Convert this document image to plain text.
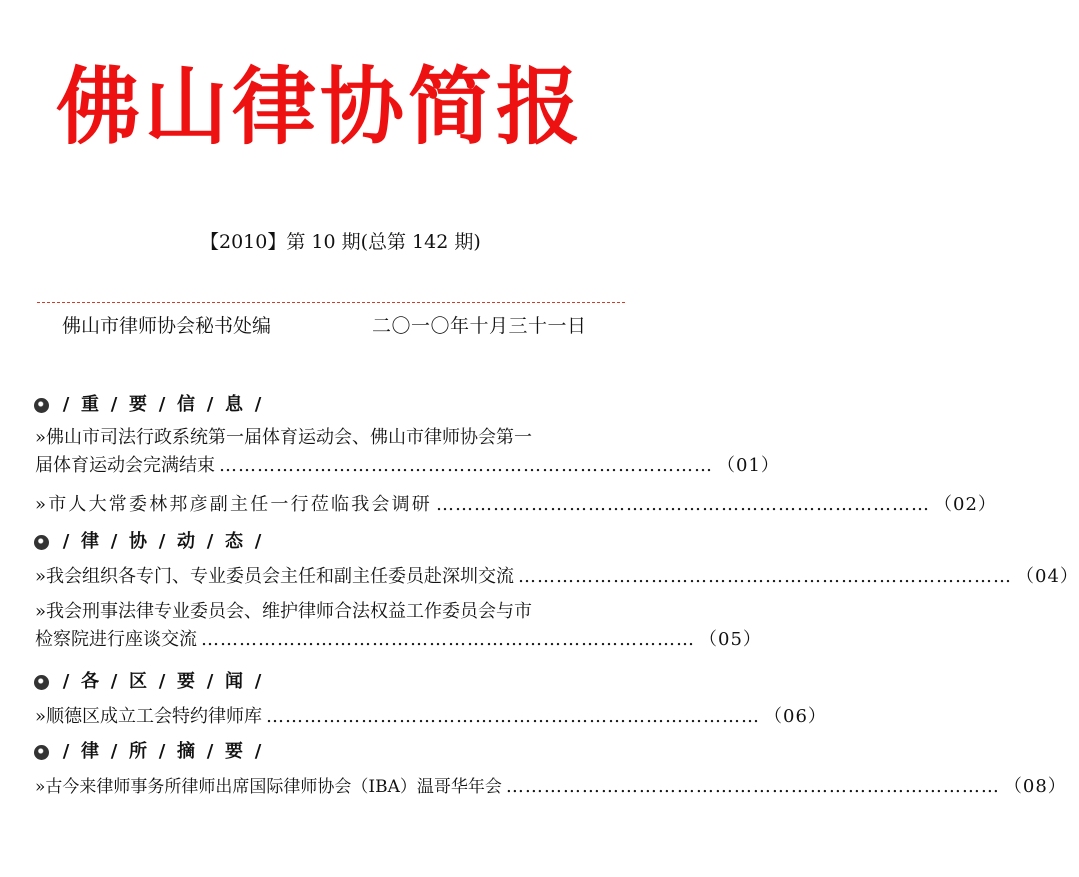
佛山律协简报
【2010】第 10 期(总第 142 期)
佛山市律师协会秘书处编	二〇一〇年十月三十一日
/ 重 / 要 / 信 / 息 /
»佛山市司法行政系统第一届体育运动会、佛山市律师协会第一
届体育运动会完满结束 …………………………………………………………………… （01）
»市人大常委林邦彦副主任一行莅临我会调研 …………………………………………………………………… （02）
/ 律 / 协 / 动 / 态 /
»我会组织各专门、专业委员会主任和副主任委员赴深圳交流 …………………………………………………………………… （04）
»我会刑事法律专业委员会、维护律师合法权益工作委员会与市
检察院进行座谈交流 …………………………………………………………………… （05）
/ 各 / 区 / 要 / 闻 /
»顺德区成立工会特约律师库 …………………………………………………………………… （06）
/ 律 / 所 / 摘 / 要 /
»古今来律师事务所律师出席国际律师协会（IBA）温哥华年会 …………………………………………………………………… （08）
